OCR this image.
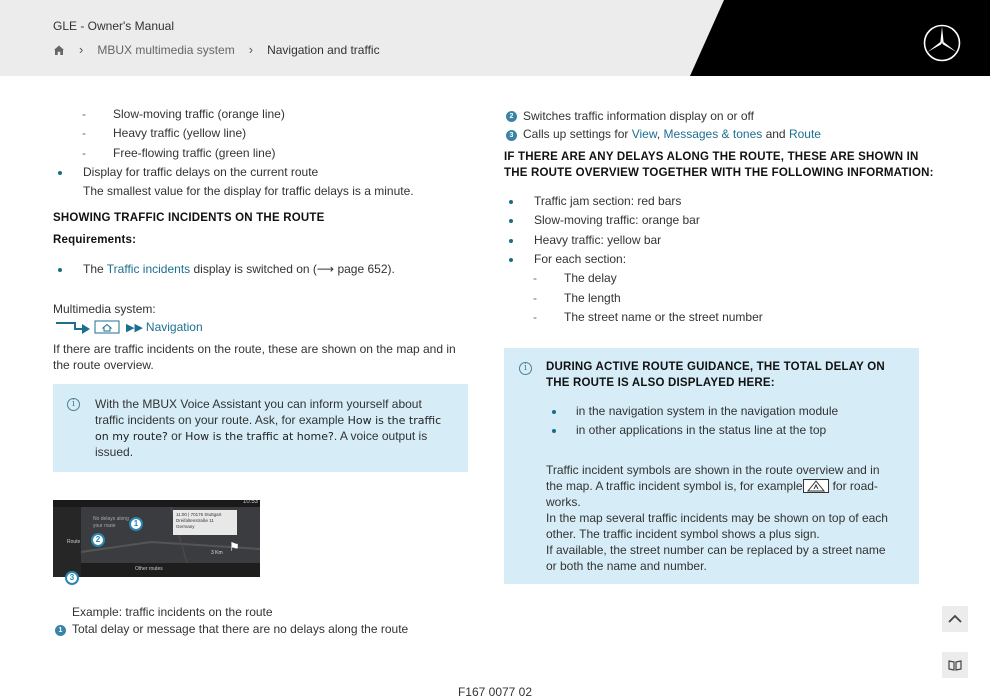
GLE - Owner's Manual
› MBUX multimedia system › Navigation and traffic
- Slow-moving traffic (orange line)
- Heavy traffic (yellow line)
- Free-flowing traffic (green line)
Display for traffic delays on the current route
The smallest value for the display for traffic delays is a minute.
SHOWING TRAFFIC INCIDENTS ON THE ROUTE
Requirements:
The Traffic incidents display is switched on (⟶ page 652).
Multimedia system:
▶▶ Navigation
If there are traffic incidents on the route, these are shown on the map and in
the route overview.
i	With the MBUX Voice Assistant you can inform yourself about
traffic incidents on your route. Ask, for example How is the traffic
on my route? or How is the traffic at home?. A voice output is
issued.
10:53
Route
No delays along
your route
3 Km ⚑
11:00 | 70176 Stuttgart
Dreifaltenstraße 11
Germany
Other routes
1
2
3
Example: traffic incidents on the route
1 Total delay or message that there are no delays along the route
2 Switches traffic information display on or off
3 Calls up settings for View, Messages & tones and Route
IF THERE ARE ANY DELAYS ALONG THE ROUTE, THESE ARE SHOWN IN
THE ROUTE OVERVIEW TOGETHER WITH THE FOLLOWING INFORMATION:
Traffic jam section: red bars
Slow-moving traffic: orange bar
Heavy traffic: yellow bar
For each section:
- The delay
- The length
- The street name or the street number
i	DURING ACTIVE ROUTE GUIDANCE, THE TOTAL DELAY ON
THE ROUTE IS ALSO DISPLAYED HERE:
in the navigation system in the navigation module
in other applications in the status line at the top
Traffic incident symbols are shown in the route overview and in
the map. A traffic incident symbol is, for example	for road-
works.
In the map several traffic incidents may be shown on top of each
other. The traffic incident symbol shows a plus sign.
If available, the street number can be replaced by a street name
or both the name and number.
F167 0077 02
